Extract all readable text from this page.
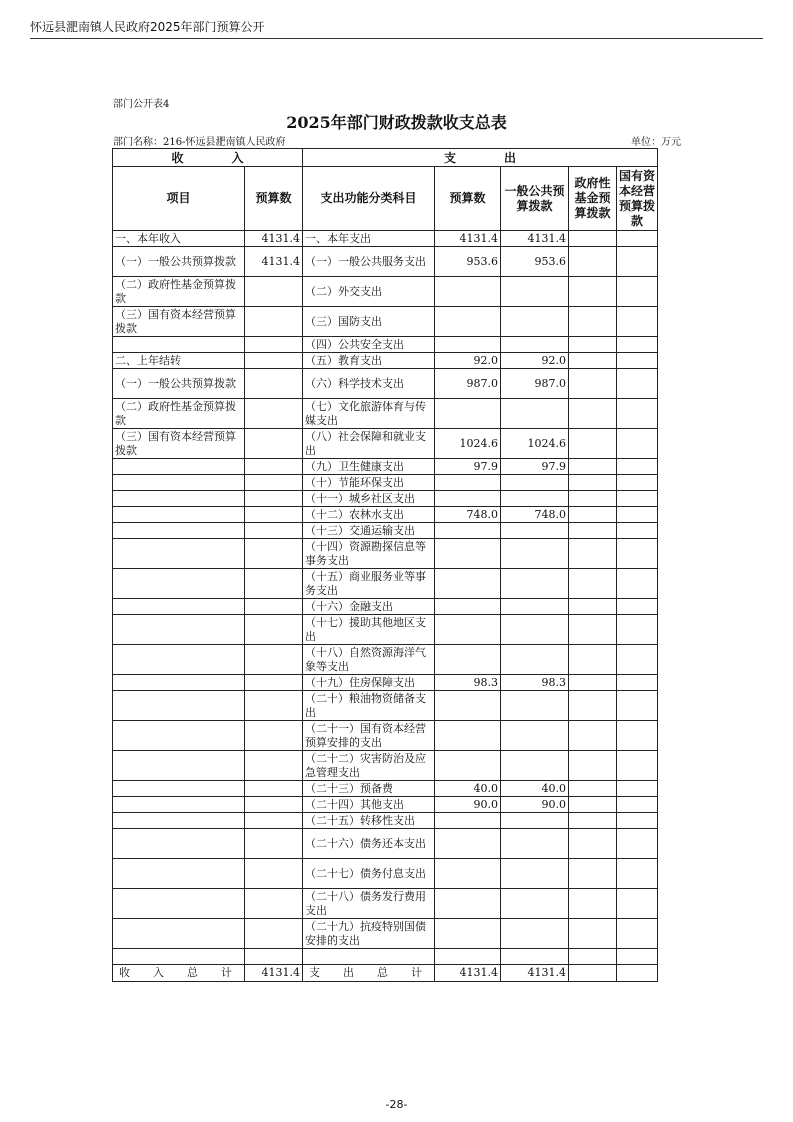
怀远县淝南镇人民政府2025年部门预算公开
部门公开表4
2025年部门财政拨款收支总表
部门名称：216-怀远县淝南镇人民政府	单位：万元
收　　　　入		支　　　　出				
项目	预算数	支出功能分类科目	预算数	一般公共预算拨款	政府性基金预算拨款	国有资本经营预算拨款
一、本年收入	4131.4	一、本年支出	4131.4	4131.4		
（一）一般公共预算拨款	4131.4	（一）一般公共服务支出	953.6	953.6		
（二）政府性基金预算拨款		（二）外交支出				
（三）国有资本经营预算拨款		（三）国防支出				
		（四）公共安全支出				
二、上年结转		（五）教育支出	92.0	92.0		
（一）一般公共预算拨款		（六）科学技术支出	987.0	987.0		
（二）政府性基金预算拨款		（七）文化旅游体育与传媒支出				
（三）国有资本经营预算拨款		（八）社会保障和就业支出	1024.6	1024.6		
		（九）卫生健康支出	97.9	97.9		
		（十）节能环保支出				
		（十一）城乡社区支出				
		（十二）农林水支出	748.0	748.0		
		（十三）交通运输支出				
		（十四）资源勘探信息等事务支出				
		（十五）商业服务业等事务支出				
		（十六）金融支出				
		（十七）援助其他地区支出				
		（十八）自然资源海洋气象等支出				
		（十九）住房保障支出	98.3	98.3		
		（二十）粮油物资储备支出				
		（二十一）国有资本经营预算安排的支出				
		（二十二）灾害防治及应急管理支出				
		（二十三）预备费	40.0	40.0		
		（二十四）其他支出	90.0	90.0		
		（二十五）转移性支出				
		（二十六）债务还本支出				
		（二十七）债务付息支出				
		（二十八）债务发行费用支出				
		（二十九）抗疫特别国债安排的支出				

收　入　总　计	4131.4	支　出　总　计	4131.4	4131.4		
-28-
